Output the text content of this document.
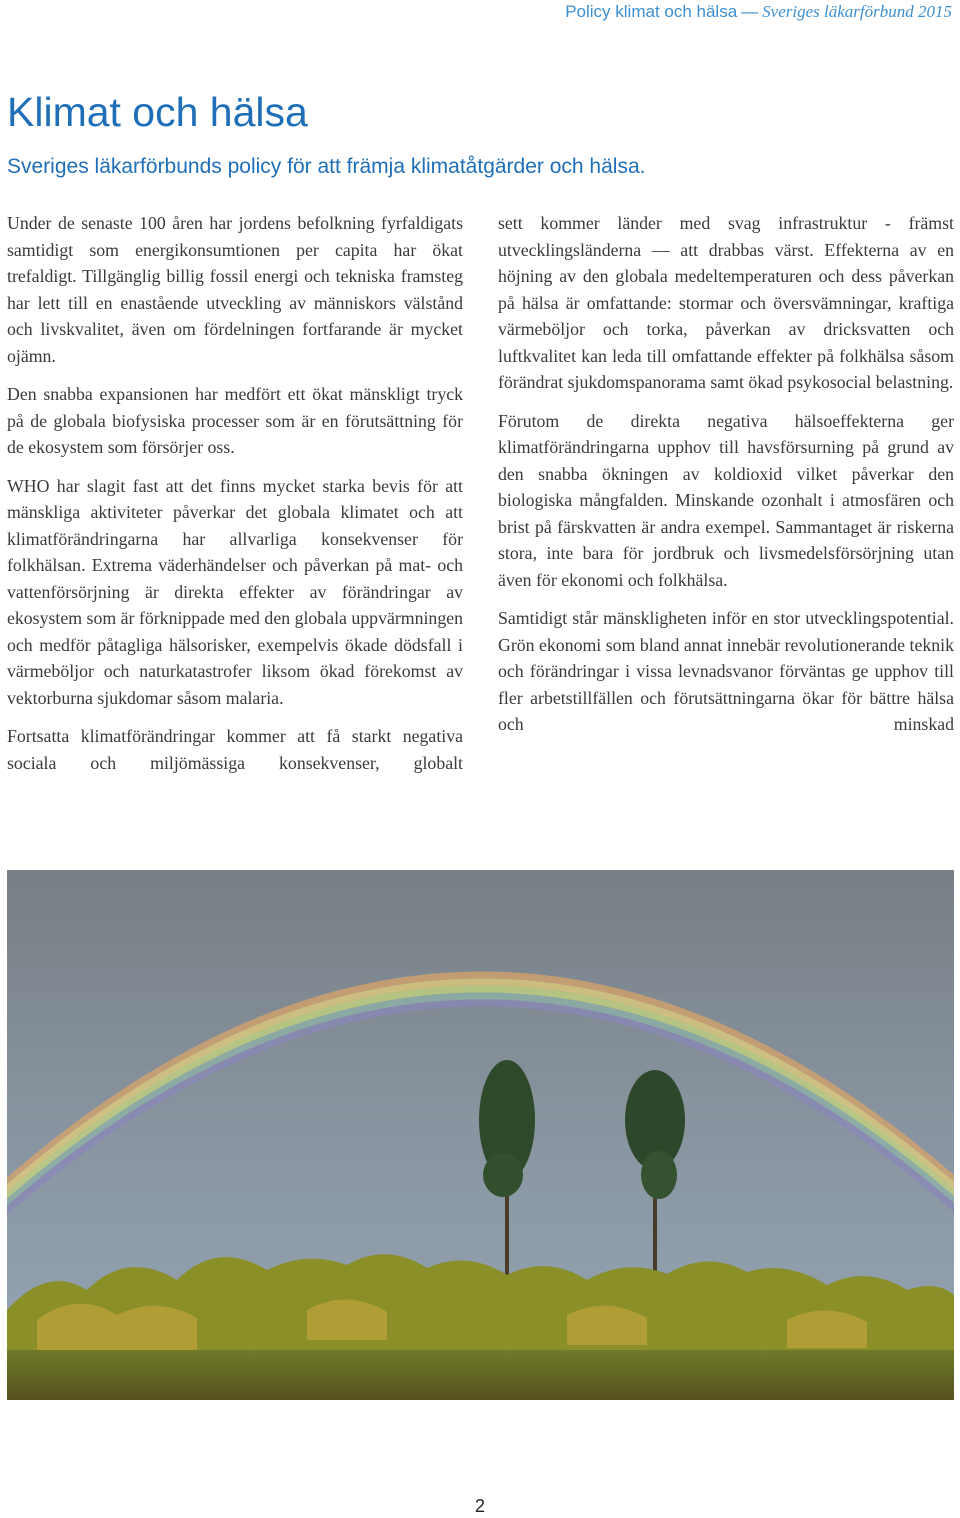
Policy klimat och hälsa — Sveriges läkarförbund 2015
Klimat och hälsa
Sveriges läkarförbunds policy för att främja klimatåtgärder och hälsa.

Under de senaste 100 åren har jordens befolkning fyrfaldigats samtidigt som energikonsumtionen per capita har ökat trefaldigt. Tillgänglig billig fossil energi och tekniska framsteg har lett till en enastående utveckling av människors välstånd och livskvalitet, även om fördelningen fortfarande är mycket ojämn.

Den snabba expansionen har medfört ett ökat mänskligt tryck på de globala biofysiska processer som är en förutsättning för de ekosystem som försörjer oss.

WHO har slagit fast att det finns mycket starka bevis för att mänskliga aktiviteter påverkar det globala klimatet och att klimatförändringarna har allvarliga konsekvenser för folkhälsan. Extrema väderhändelser och påverkan på mat- och vattenförsörjning är direkta effekter av förändringar av ekosystem som är förknippade med den globala uppvärmningen och medför påtagliga hälsorisker, exempelvis ökade dödsfall i värmeböljor och naturkatastrofer liksom ökad förekomst av vektorburna sjukdomar såsom malaria.

Fortsatta klimatförändringar kommer att få starkt negativa sociala och miljömässiga konsekvenser, globalt

sett kommer länder med svag infrastruktur - främst utvecklingsländerna — att drabbas värst. Effekterna av en höjning av den globala medeltemperaturen och dess påverkan på hälsa är omfattande: stormar och översvämningar, kraftiga värmeböljor och torka, påverkan av dricksvatten och luftkvalitet kan leda till omfattande effekter på folkhälsa såsom förändrat sjukdomspanorama samt ökad psykosocial belastning.

Förutom de direkta negativa hälsoeffekterna ger klimatförändringarna upphov till havsförsurning på grund av den snabba ökningen av koldioxid vilket påverkar den biologiska mångfalden. Minskande ozonhalt i atmosfären och brist på färskvatten är andra exempel. Sammantaget är riskerna stora, inte bara för jordbruk och livsmedelsförsörjning utan även för ekonomi och folkhälsa.

Samtidigt står mänskligheten inför en stor utvecklingspotential. Grön ekonomi som bland annat innebär revolutionerande teknik och förändringar i vissa levnadsvanor förväntas ge upphov till fler arbetstillfällen och förutsättningarna ökar för bättre hälsa och minskad

2
